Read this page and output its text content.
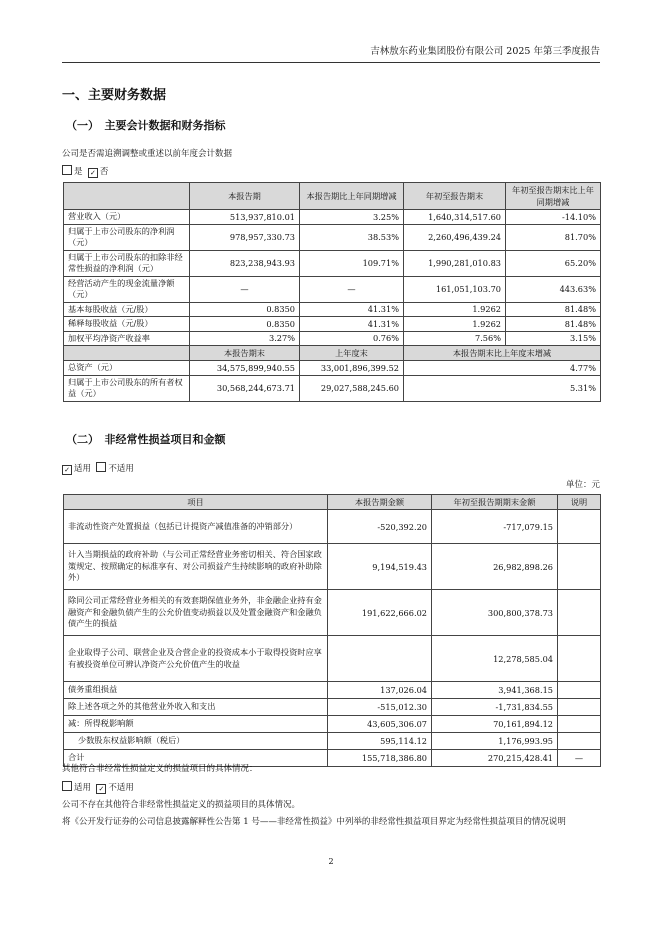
吉林敖东药业集团股份有限公司 2025 年第三季度报告
一、主要财务数据
（一）　主要会计数据和财务指标
公司是否需追溯调整或重述以前年度会计数据
是 ✓ 否
	本报告期	本报告期比上年同期增减	年初至报告期末	年初至报告期末比上年同期增减
营业收入（元）	513,937,810.01	3.25%	1,640,314,517.60	-14.10%
归属于上市公司股东的净利润（元）	978,957,330.73	38.53%	2,260,496,439.24	81.70%
归属于上市公司股东的扣除非经常性损益的净利润（元）	823,238,943.93	109.71%	1,990,281,010.83	65.20%
经营活动产生的现金流量净额（元）	—	—	161,051,103.70	443.63%
基本每股收益（元/股）	0.8350	41.31%	1.9262	81.48%
稀释每股收益（元/股）	0.8350	41.31%	1.9262	81.48%
加权平均净资产收益率	3.27%	0.76%	7.56%	3.15%
	本报告期末	上年度末	本报告期末比上年度末增减	
总资产（元）	34,575,899,940.55	33,001,896,399.52	4.77%	
归属于上市公司股东的所有者权益（元）	30,568,244,673.71	29,027,588,245.60	5.31%	
（二）　非经常性损益项目和金额
✓ 适用 不适用
单位：元
项目	本报告期金额	年初至报告期期末金额	说明
非流动性资产处置损益（包括已计提资产减值准备的冲销部分）	-520,392.20	-717,079.15	
计入当期损益的政府补助（与公司正常经营业务密切相关、符合国家政策规定、按照确定的标准享有、对公司损益产生持续影响的政府补助除外）	9,194,519.43	26,982,898.26	
除同公司正常经营业务相关的有效套期保值业务外，非金融企业持有金融资产和金融负债产生的公允价值变动损益以及处置金融资产和金融负债产生的损益	191,622,666.02	300,800,378.73	
企业取得子公司、联营企业及合营企业的投资成本小于取得投资时应享有被投资单位可辨认净资产公允价值产生的收益		12,278,585.04	
债务重组损益	137,026.04	3,941,368.15	
除上述各项之外的其他营业外收入和支出	-515,012.30	-1,731,834.55	
减：所得税影响额	43,605,306.07	70,161,894.12	
少数股东权益影响额（税后）	595,114.12	1,176,993.95	
合计	155,718,386.80	270,215,428.41	—
其他符合非经常性损益定义的损益项目的具体情况：
适用 ✓ 不适用
公司不存在其他符合非经常性损益定义的损益项目的具体情况。
将《公开发行证券的公司信息披露解释性公告第 1 号——非经常性损益》中列举的非经常性损益项目界定为经常性损益项目的情况说明
2
